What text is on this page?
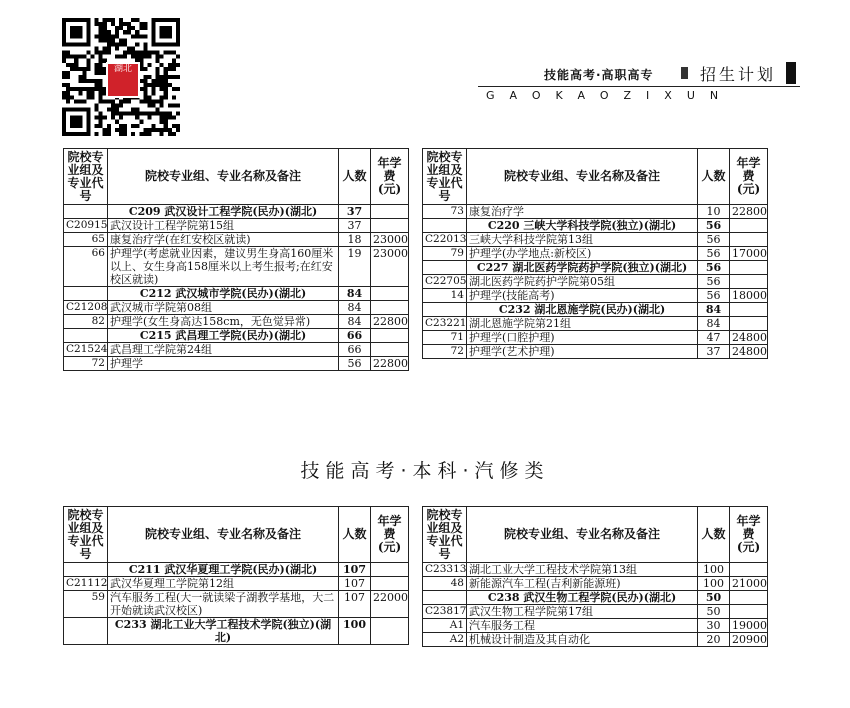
湖北	技能高考·高职高专	招生计划
GAOKAOZIXUN
院校专业组及专业代号	院校专业组、专业名称及备注	人数	年学费(元)
	C209 武汉设计工程学院(民办)(湖北)	37	
C20915	武汉设计工程学院第15组	37	
65	康复治疗学(在红安校区就读)	18	23000
66	护理学(考虑就业因素，建议男生身高160厘米以上、女生身高158厘米以上考生报考;在红安校区就读)	19	23000
	C212 武汉城市学院(民办)(湖北)	84	
C21208	武汉城市学院第08组	84	
82	护理学(女生身高达158cm，无色觉异常)	84	22800
	C215 武昌理工学院(民办)(湖北)	66	
C21524	武昌理工学院第24组	66	
72	护理学	56	22800
院校专业组及专业代号	院校专业组、专业名称及备注	人数	年学费(元)
73	康复治疗学	10	22800
	C220 三峡大学科技学院(独立)(湖北)	56	
C22013	三峡大学科技学院第13组	56	
79	护理学(办学地点:新校区)	56	17000
	C227 湖北医药学院药护学院(独立)(湖北)	56	
C22705	湖北医药学院药护学院第05组	56	
14	护理学(技能高考)	56	18000
	C232 湖北恩施学院(民办)(湖北)	84	
C23221	湖北恩施学院第21组	84	
71	护理学(口腔护理)	47	24800
72	护理学(艺术护理)	37	24800
技能高考·本科·汽修类
院校专业组及专业代号	院校专业组、专业名称及备注	人数	年学费(元)
	C211 武汉华夏理工学院(民办)(湖北)	107	
C21112	武汉华夏理工学院第12组	107	
59	汽车服务工程(大一就读梁子湖教学基地，大二开始就读武汉校区)	107	22000
	C233 湖北工业大学工程技术学院(独立)(湖北)	100	
院校专业组及专业代号	院校专业组、专业名称及备注	人数	年学费(元)
C23313	湖北工业大学工程技术学院第13组	100	
48	新能源汽车工程(吉利新能源班)	100	21000
	C238 武汉生物工程学院(民办)(湖北)	50	
C23817	武汉生物工程学院第17组	50	
A1	汽车服务工程	30	19000
A2	机械设计制造及其自动化	20	20900
